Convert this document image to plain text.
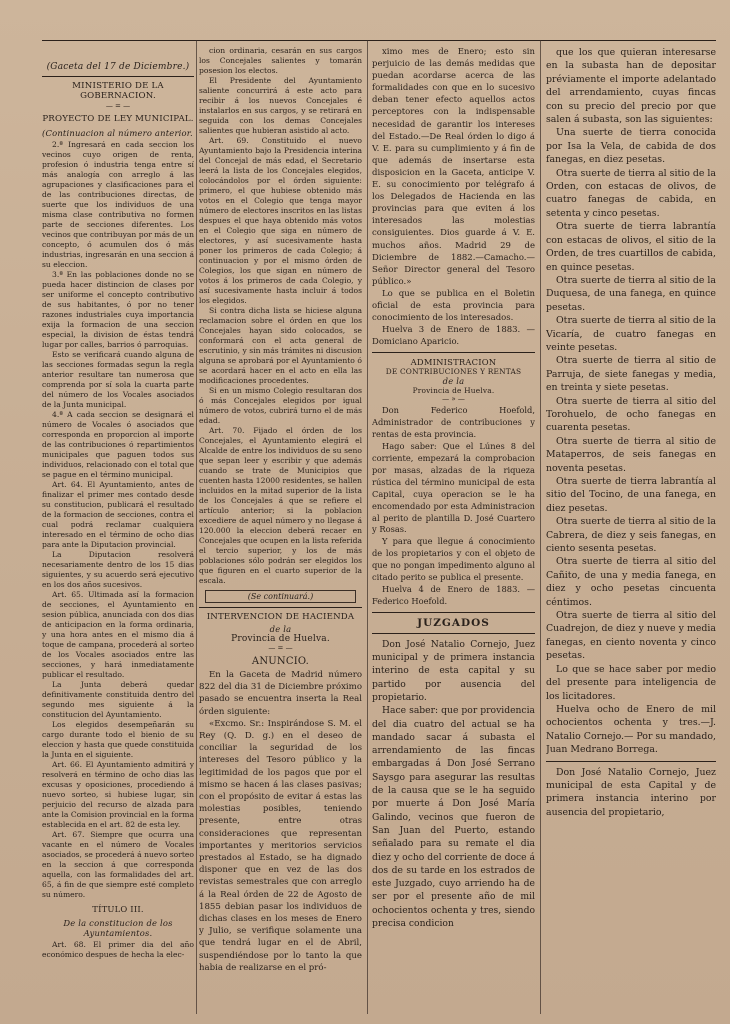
(Gaceta del 17 de Diciembre.)
MINISTERIO DE LA GOBERNACION.
— = —
PROYECTO DE LEY MUNICIPAL.
(Continuacion al número anterior.

2.ª Ingresará en cada seccion los vecinos cuyo origen de renta, profesion ó industria tenga entre sí más analogía con arreglo á las agrupaciones y clasificaciones para el de las contribuciones directas, de suerte que los individuos de una misma clase contributiva no formen parte de secciones diferentes. Los vecinos que contribuyan por más de un concepto, ó acumulen dos ó más industrias, ingresarán en una seccion á su eleccion.

3.ª En las poblaciones donde no se pueda hacer distincion de clases por ser uniforme el concepto contributivo de sus habitantes, ó por no tener razones industriales cuya importancia exija la formacion de una seccion especial, la division de éstas tendrá lugar por calles, barrios ó parroquias.

Esto se verificará cuando alguna de las secciones formadas segun la regla anterior resultare tan numerosa que comprenda por sí sola la cuarta parte del número de los Vocales asociados de la Junta municipal.

4.ª A cada seccion se designará el número de Vocales ó asociados que corresponda en proporcion al importe de las contribuciones ó repartimientos municipales que paguen todos sus individuos, relacionado con el total que se pague en el término municipal.

Art. 64. El Ayuntamiento, antes de finalizar el primer mes contado desde su constitucion, publicará el resultado de la formacion de secciones, contra el cual podrá reclamar cualquiera interesado en el término de ocho dias para ante la Diputacion provincial.

La Diputacion resolverá necesariamente dentro de los 15 dias siguientes, y su acuerdo será ejecutivo en los dos años sucesivos.

Art. 65. Ultimada así la formacion de secciones, el Ayuntamiento en sesion pública, anunciada con dos dias de anticipacion en la forma ordinaria, y una hora antes en el mismo dia á toque de campana, procederá al sorteo de los Vocales asociados entre las secciones, y hará inmediatamente publicar el resultado.

La Junta deberá quedar definitivamente constituida dentro del segundo mes siguiente á la constitucion del Ayuntamiento.

Los elegidos desempeñarán su cargo durante todo el bienio de su eleccion y hasta que quede constituida la Junta en el siguiente.

Art. 66. El Ayuntamiento admitirá y resolverá en término de ocho dias las excusas y oposiciones, procediendo á nuevo sorteo, si hubiese lugar, sin perjuicio del recurso de alzada para ante la Comision provincial en la forma establecida en el art. 82 de esta ley.

Art. 67. Siempre que ocurra una vacante en el número de Vocales asociados, se procederá á nuevo sorteo en la seccion á que corresponda aquella, con las formalidades del art. 65, á fin de que siempre esté completo su número.

TÍTULO III.
De la constitucion de los Ayuntamientos.

Art. 68. El primer dia del año económico despues de hecha la elec-

cion ordinaria, cesarán en sus cargos los Concejales salientes y tomarán posesion los electos.

El Presidente del Ayuntamiento saliente concurrirá á este acto para recibir á los nuevos Concejales é instalarlos en sus cargos, y se retirará en seguida con los demas Concejales salientes que hubieran asistido al acto.

Art. 69. Constituido el nuevo Ayuntamiento bajo la Presidencia interina del Concejal de más edad, el Secretario leerá la lista de los Concejales elegidos, colocándolos por el órden siguiente: primero, el que hubiese obtenido más votos en el Colegio que tenga mayor número de electores inscritos en las listas despues el que haya obtenido más votos en el Colegio que siga en número de electores, y así sucesivamente hasta poner los primeros de cada Colegio; á continuacion y por el mismo órden de Colegios, los que sigan en número de votos á los primeros de cada Colegio, y así sucesivamente hasta incluir á todos los elegidos.

Si contra dicha lista se hiciese alguna reclamacion sobre el órden en que los Concejales hayan sido colocados, se conformará con el acta general de escrutinio, y sin más trámites ni discusion alguna se aprobará por el Ayuntamiento ó se acordará hacer en el acto en ella las modificaciones procedentes.

Si en un mismo Colegio resultaran dos ó más Concejales elegidos por igual número de votos, cubrirá turno el de más edad.

Art. 70. Fijado el órden de los Concejales, el Ayuntamiento elegirá el Alcalde de entre los individuos de su seno que sepan leer y escribir y que además cuando se trate de Municipios que cuenten hasta 12000 residentes, se hallen incluidos en la mitad superior de la lista de los Concejales á que se refiere el artículo anterior; si la poblacion excediere de aquel número y no llegase á 120.000 la eleccion deberá recaer en Concejales que ocupen en la lista referida el tercio superior, y los de más poblaciones sólo podrán ser elegidos los que figuren en el cuarto superior de la escala.

(Se continuará.)
INTERVENCION DE HACIENDA
de la
Provincia de Huelva.
— = —
ANUNCIO.

En la Gaceta de Madrid número 822 del dia 31 de Diciembre próximo pasado se encuentra inserta la Real órden siguiente:

«Excmo. Sr.: Inspirándose S. M. el Rey (Q. D. g.) en el deseo de conciliar la seguridad de los intereses del Tesoro público y la legitimidad de los pagos que por el mismo se hacen á las clases pasivas; con el propósito de evitar á estas las molestias posibles, teniendo presente, entre otras consideraciones que representan importantes y meritorios servicios prestados al Estado, se ha dignado disponer que en vez de las dos revistas semestrales que con arreglo á la Real órden de 22 de Agosto de 1855 debian pasar los individuos de dichas clases en los meses de Enero y Julio, se verifique solamente una que tendrá lugar en el de Abril, suspendiéndose por lo tanto la que habia de realizarse en el pró-

ximo mes de Enero; esto sin perjuicio de las demás medidas que puedan acordarse acerca de las formalidades con que en lo sucesivo deban tener efecto aquellos actos perceptores con la indispensable necesidad de garantir los intereses del Estado.—De Real órden lo digo á V. E. para su cumplimiento y á fin de que además de insertarse esta disposicion en la Gaceta, anticipe V. E. su conocimiento por telégrafo á los Delegados de Hacienda en las provincias para que eviten á los interesados las molestias consiguientes. Dios guarde á V. E. muchos años. Madrid 29 de Diciembre de 1882.—Camacho.— Señor Director general del Tesoro público.»

Lo que se publica en el Boletin oficial de esta provincia para conocimiento de los interesados.

Huelva 3 de Enero de 1883. —Domiciano Aparicio.

ADMINISTRACION
DE CONTRIBUCIONES Y RENTAS
de la
Provincia de Huelva.
— » —

Don Federico Hoefold, Administrador de contribuciones y rentas de esta provincia.

Hago saber: Que el Lúnes 8 del corriente, empezará la comprobacion por masas, alzadas de la riqueza rústica del término municipal de esta Capital, cuya operacion se le ha encomendado por esta Administracion al perito de plantilla D. José Cuartero y Rosas.

Y para que llegue á conocimiento de los propietarios y con el objeto de que no pongan impedimento alguno al citado perito se publica el presente.

Huelva 4 de Enero de 1883. —Federico Hoefold.

JUZGADOS

Don José Natalio Cornejo, Juez municipal y de primera instancia interino de esta capital y su partido por ausencia del propietario.

Hace saber: que por providencia del dia cuatro del actual se ha mandado sacar á subasta el arrendamiento de las fincas embargadas á Don José Serrano Saysgo para asegurar las resultas de la causa que se le ha seguido por muerte á Don José María Galindo, vecinos que fueron de San Juan del Puerto, estando señalado para su remate el dia diez y ocho del corriente de doce á dos de su tarde en los estrados de este Juzgado, cuyo arriendo ha de ser por el presente año de mil ochocientos ochenta y tres, siendo precisa condicion

que los que quieran interesarse en la subasta han de depositar préviamente el importe adelantado del arrendamiento, cuyas fincas con su precio del precio por que salen á subasta, son las siguientes:

Una suerte de tierra conocida por Isa la Vela, de cabida de dos fanegas, en diez pesetas.

Otra suerte de tierra al sitio de la Orden, con estacas de olivos, de cuatro fanegas de cabida, en setenta y cinco pesetas.

Otra suerte de tierra labrantía con estacas de olivos, el sitio de la Orden, de tres cuartillos de cabida, en quince pesetas.

Otra suerte de tierra al sitio de la Duquesa, de una fanega, en quince pesetas.

Otra suerte de tierra al sitio de la Vicaría, de cuatro fanegas en veinte pesetas.

Otra suerte de tierra al sitio de Parruja, de siete fanegas y media, en treinta y siete pesetas.

Otra suerte de tierra al sitio del Torohuelo, de ocho fanegas en cuarenta pesetas.

Otra suerte de tierra al sitio de Mataperros, de seis fanegas en noventa pesetas.

Otra suerte de tierra labrantía al sitio del Tocino, de una fanega, en diez pesetas.

Otra suerte de tierra al sitio de la Cabrera, de diez y seis fanegas, en ciento sesenta pesetas.

Otra suerte de tierra al sitio del Cañito, de una y media fanega, en diez y ocho pesetas cincuenta céntimos.

Otra suerte de tierra al sitio del Cuadrejon, de diez y nueve y media fanegas, en ciento noventa y cinco pesetas.

Lo que se hace saber por medio del presente para inteligencia de los licitadores.

Huelva ocho de Enero de mil ochocientos ochenta y tres.—J. Natalio Cornejo.— Por su mandado, Juan Medrano Borrega.

Don José Natalio Cornejo, Juez municipal de esta Capital y de primera instancia interino por ausencia del propietario,
